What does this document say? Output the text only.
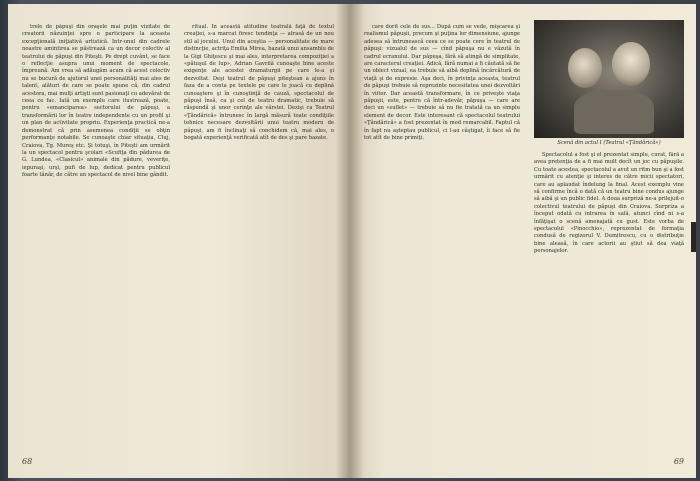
trele de păpuşi din oraşele mai puţin vizitate de creatorii năzuinţei spre o participare la aceasta excepţională iniţiativă artistică. Intr-unul din cadrele noastre amintirea se păstrează ca un decor colectiv al teatrului de păpuşi din Piteşti. Pe drept cuvânt, se face o reflecţie asupra unui moment de spectacole, împreună. Am vrea să adăugăm acum că acest colectiv nu se bucură de ajutorul unei personalităţi mai ales de talent, alături de care se poate spune că, din cadrul acestora, mai mulţi artişti sunt pasionaţi cu adevărat de ceea ce fac. Iată un exemplu care ilustrează, poate, pentru «emanciparea» sectorului de păpuşi, a transformării lor în teatre independente cu un profil şi un plan de activitate propriu. Experienţa practică ne-a demonstrat că prin asemenea condiţii se obţin performanţe notabile. Se cunoaşte chiar situaţia, Cluj, Craiova, Tg. Mureş etc. Şi totuşi, în Piteşti am urmărit la un spectacol pentru şcolari «Scufiţa din pădurea de G. Lundea, «Clasicul» animale din pădure, veveriţe, iepuraşi, urşi, pufi de lup, dedicat pentru publicul foarte tânăr, de către un spectacol de nivel bine gândit.

ritual. In această atitudine teatrală faţă de textul creaţiei, s-a marcat firesc tendinţa — atrasă de un nou stil al jocului. Unul din aceştia — personalitate de mare distincţie, actriţa Emilia Mirea, bazată unui ansamblu de la Gigi Ghiţescu şi mai ales, interpretarea compoziţiei a «pătuşul de lup», Adrian Gavrilă cunoaşte bine aceste exigenţe ale acestei dramaturgii pe care le-a şi dezvoltat. Deşi teatrul de păpuşi piteştean a ajuns în faza de a conta pe textele pe care le joacă cu deplină cunoaştere şi în cunoştinţă de cauză, spectacolul de păpuşi însă, ca şi cel de teatru dramatic, trebuie să răspundă şi unor cerinţe ale vârstei. Dezişi ca Teatrul «Ţăndărică» întrunesc în largă măsură toate condiţiile tehnice necesare dezvoltării unui teatru modern de păpuşi, am fi înclinaţi să conchidem că, mai ales, o bogată experienţă verificată atît de des şi pare bazate.

68

care dorit cele de sus... După cum se vede, mişcarea şi realismul păpuşii, precum şi puţina lor dimensiune, ajunge adesea să întrunească ceea ce se poate cere în teatrul de păpuşi: vizualul de sus — cînd păpuşa nu e văzută în cadrul ecranului. Dar păpuşa, fără să atingă de simplitate, are caracterul creaţiei. Adică, fără numai a fi căutată să fie un obiect vizual, ea trebuie să aibă deplină încărcătură de viaţă şi de expresie. Aşa deci, în privinţa aceasta, teatrul de păpuşi trebuie să reprezinte necesitatea unei dezvoltări în viitor. Dar această transformare, în ce priveşte viaţa păpuşii, este, pentru că într-adevăr, păpuşa — care are deci un «suflet» — trebuie să nu fie tratată ca un simplu element de decor. Este interesant că spectacolul teatrului «Ţăndărică» a fost prezentat în mod remarcabil. Faptul că în fapt nu aşteptau publicul, ci l-au câştigat, îi face să fie tot atît de bine primiţi.

Scenă din actul I (Teatrul «Ţăndărică»)

Spectacolul a fost şi el prezentat simplu, curat, fără a avea pretenţia de a fi mai mult decît un joc cu păpuşile. Cu toate acestea, spectacolul a avut un ritm bun şi a fost urmărit cu atenţie şi interes de către micii spectatori, care au aplaudat îndelung la final. Acest exemplu vine să confirme încă o dată că un teatru bine condus ajunge să aibă şi un public fidel. A doua surpriză ne-a prilejuit-o colectivul teatrului de păpuşi din Craiova. Surpriza a început odată cu intrarea în sală, atunci cînd ni s-a înfăţişat o scenă amenajată cu gust. Este vorba de spectacolul «Pinocchio», reprezentat de formaţia condusă de regizorul V. Dumitrescu, cu o distribuţie bine aleasă, în care actorii au ştiut să dea viaţă personajelor.

69
